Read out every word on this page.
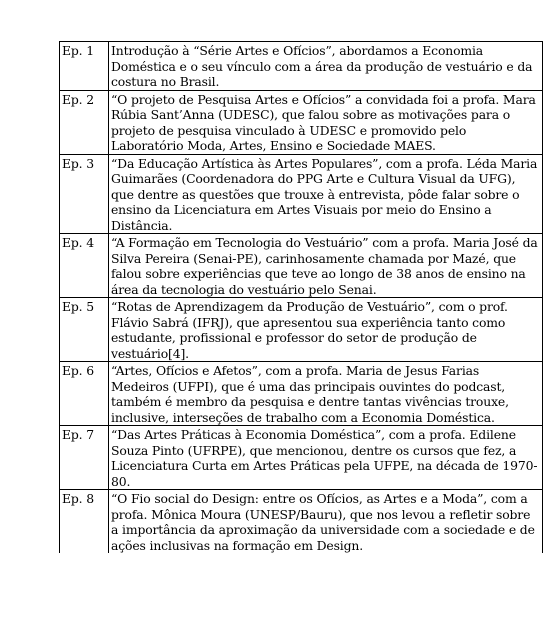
Ep. 1	Introdução à “Série Artes e Ofícios”, abordamos a Economia Doméstica e o seu vínculo com a área da produção de vestuário e da costura no Brasil.
Ep. 2	“O projeto de Pesquisa Artes e Ofícios” a convidada foi a profa. Mara Rúbia Sant’Anna (UDESC), que falou sobre as motivações para o projeto de pesquisa vinculado à UDESC e promovido pelo Laboratório Moda, Artes, Ensino e Sociedade MAES.
Ep. 3	“Da Educação Artística às Artes Populares”, com a profa. Léda Maria Guimarães (Coordenadora do PPG Arte e Cultura Visual da UFG), que dentre as questões que trouxe à entrevista, pôde falar sobre o ensino da Licenciatura em Artes Visuais por meio do Ensino a Distância.
Ep. 4	“A Formação em Tecnologia do Vestuário” com a profa. Maria José da Silva Pereira (Senai-PE), carinhosamente chamada por Mazé, que falou sobre experiências que teve ao longo de 38 anos de ensino na área da tecnologia do vestuário pelo Senai.
Ep. 5	“Rotas de Aprendizagem da Produção de Vestuário”, com o prof. Flávio Sabrá (IFRJ), que apresentou sua experiência tanto como estudante, profissional e professor do setor de produção de vestuário[4].
Ep. 6	“Artes, Ofícios e Afetos”, com a profa. Maria de Jesus Farias Medeiros (UFPI), que é uma das principais ouvintes do podcast, também é membro da pesquisa e dentre tantas vivências trouxe, inclusive, interseções de trabalho com a Economia Doméstica.
Ep. 7	“Das Artes Práticas à Economia Doméstica”, com a profa. Edilene Souza Pinto (UFRPE), que mencionou, dentre os cursos que fez, a Licenciatura Curta em Artes Práticas pela UFPE, na década de 1970-80.
Ep. 8	“O Fio social do Design: entre os Ofícios, as Artes e a Moda”, com a profa. Mônica Moura (UNESP/Bauru), que nos levou a refletir sobre a importância da aproximação da universidade com a sociedade e de ações inclusivas na formação em Design.
